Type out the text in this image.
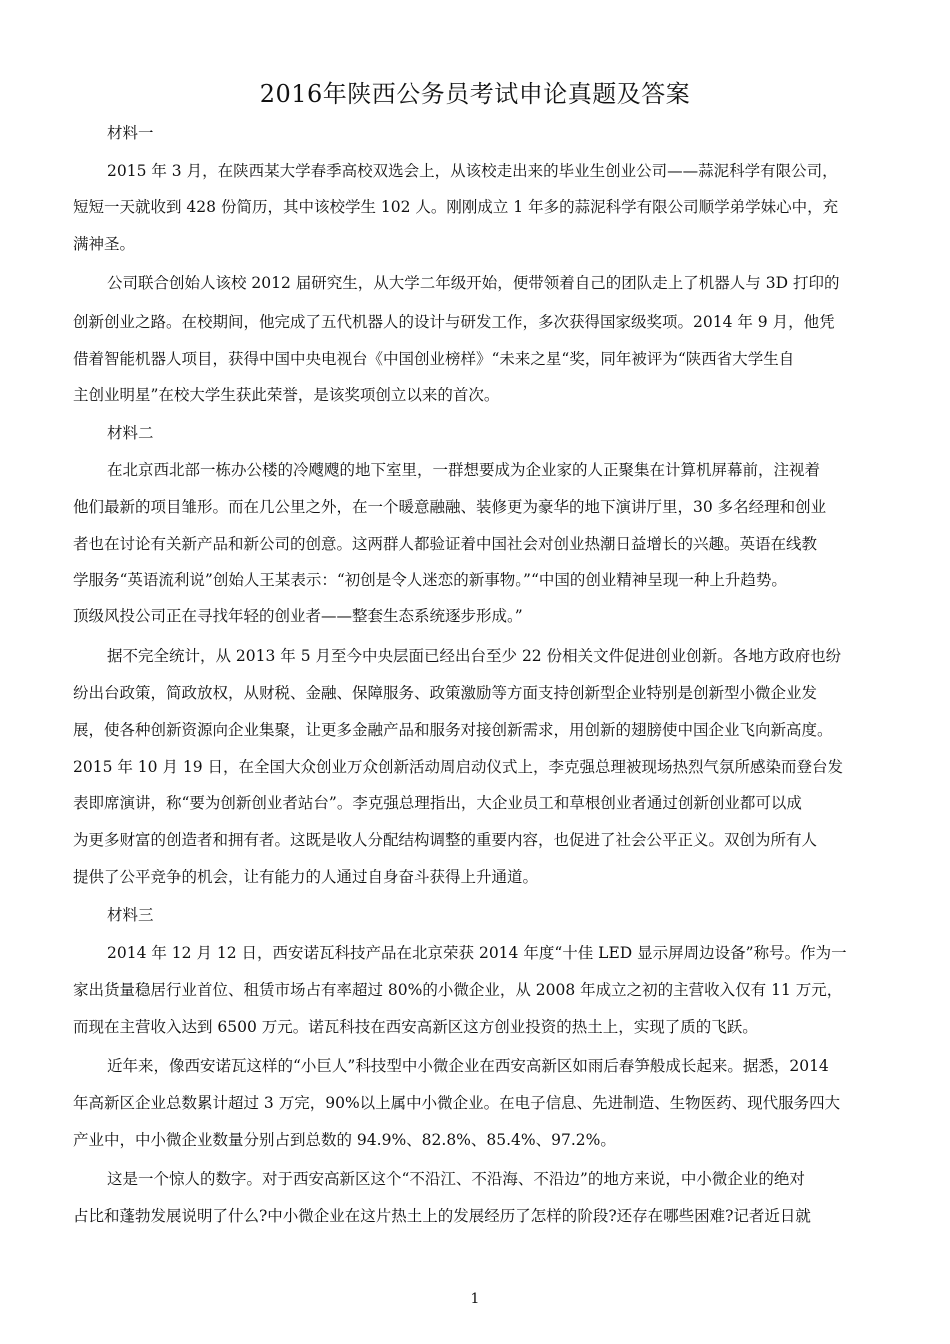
2016年陕西公务员考试申论真题及答案
材料一
2015 年 3 月，在陕西某大学春季高校双选会上，从该校走出来的毕业生创业公司——蒜泥科学有限公司，
短短一天就收到 428 份简历，其中该校学生 102 人。刚刚成立 1 年多的蒜泥科学有限公司顺学弟学妹心中，充
满神圣。
公司联合创始人该校 2012 届研究生，从大学二年级开始，便带领着自己的团队走上了机器人与 3D 打印的
创新创业之路。在校期间，他完成了五代机器人的设计与研发工作，多次获得国家级奖项。2014 年 9 月，他凭
借着智能机器人项目，获得中国中央电视台《中国创业榜样》“未来之星“奖，同年被评为“陕西省大学生自
主创业明星”在校大学生获此荣誉，是该奖项创立以来的首次。
材料二
在北京西北部一栋办公楼的冷飕飕的地下室里，一群想要成为企业家的人正聚集在计算机屏幕前，注视着
他们最新的项目雏形。而在几公里之外，在一个暖意融融、装修更为豪华的地下演讲厅里，30 多名经理和创业
者也在讨论有关新产品和新公司的创意。这两群人都验证着中国社会对创业热潮日益增长的兴趣。英语在线教
学服务“英语流利说”创始人王某表示：“初创是令人迷恋的新事物。”“中国的创业精神呈现一种上升趋势。
顶级风投公司正在寻找年轻的创业者——整套生态系统逐步形成。”
据不完全统计，从 2013 年 5 月至今中央层面已经出台至少 22 份相关文件促进创业创新。各地方政府也纷
纷出台政策，简政放权，从财税、金融、保障服务、政策激励等方面支持创新型企业特别是创新型小微企业发
展，使各种创新资源向企业集聚，让更多金融产品和服务对接创新需求，用创新的翅膀使中国企业飞向新高度。
2015 年 10 月 19 日，在全国大众创业万众创新活动周启动仪式上，李克强总理被现场热烈气氛所感染而登台发
表即席演讲，称“要为创新创业者站台”。李克强总理指出，大企业员工和草根创业者通过创新创业都可以成
为更多财富的创造者和拥有者。这既是收人分配结构调整的重要内容，也促进了社会公平正义。双创为所有人
提供了公平竞争的机会，让有能力的人通过自身奋斗获得上升通道。
材料三
2014 年 12 月 12 日，西安诺瓦科技产品在北京荣获 2014 年度“十佳 LED 显示屏周边设备”称号。作为一
家出货量稳居行业首位、租赁市场占有率超过 80%的小微企业，从 2008 年成立之初的主营收入仅有 11 万元，
而现在主营收入达到 6500 万元。诺瓦科技在西安高新区这方创业投资的热土上，实现了质的飞跃。
近年来，像西安诺瓦这样的“小巨人”科技型中小微企业在西安高新区如雨后春笋般成长起来。据悉，2014
年高新区企业总数累计超过 3 万完，90%以上属中小微企业。在电子信息、先进制造、生物医药、现代服务四大
产业中，中小微企业数量分别占到总数的 94.9%、82.8%、85.4%、97.2%。
这是一个惊人的数字。对于西安高新区这个“不沿江、不沿海、不沿边”的地方来说，中小微企业的绝对
占比和蓬勃发展说明了什么?中小微企业在这片热土上的发展经历了怎样的阶段?还存在哪些困难?记者近日就
1
